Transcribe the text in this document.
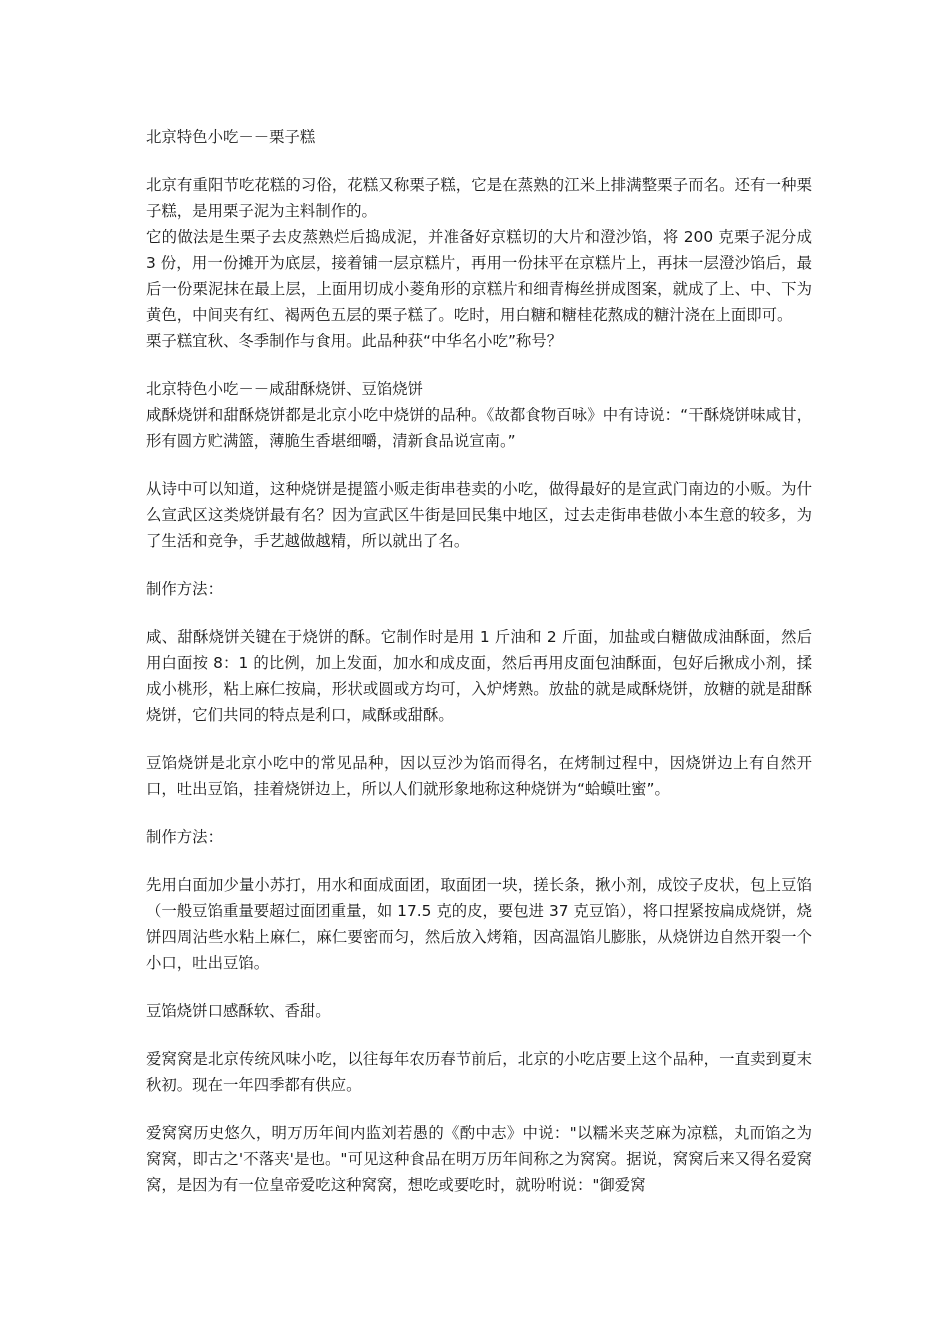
北京特色小吃－－栗子糕

北京有重阳节吃花糕的习俗，花糕又称栗子糕，它是在蒸熟的江米上排满整栗子而名。还有一种栗子糕，是用栗子泥为主料制作的。

它的做法是生栗子去皮蒸熟烂后捣成泥，并准备好京糕切的大片和澄沙馅，将 200 克栗子泥分成 3 份，用一份摊开为底层，接着铺一层京糕片，再用一份抹平在京糕片上，再抹一层澄沙馅后，最后一份栗泥抹在最上层，上面用切成小菱角形的京糕片和细青梅丝拼成图案，就成了上、中、下为黄色，中间夹有红、褐两色五层的栗子糕了。吃时，用白糖和糖桂花熬成的糖汁浇在上面即可。

栗子糕宜秋、冬季制作与食用。此品种获“中华名小吃”称号？

北京特色小吃－－咸甜酥烧饼、豆馅烧饼

咸酥烧饼和甜酥烧饼都是北京小吃中烧饼的品种。《故都食物百咏》中有诗说：“干酥烧饼味咸甘，形有圆方贮满篮，薄脆生香堪细嚼，清新食品说宣南。”

从诗中可以知道，这种烧饼是提篮小贩走街串巷卖的小吃，做得最好的是宣武门南边的小贩。为什么宣武区这类烧饼最有名？因为宣武区牛街是回民集中地区，过去走街串巷做小本生意的较多，为了生活和竞争，手艺越做越精，所以就出了名。

制作方法：

咸、甜酥烧饼关键在于烧饼的酥。它制作时是用 1 斤油和 2 斤面，加盐或白糖做成油酥面，然后用白面按 8：1 的比例，加上发面，加水和成皮面，然后再用皮面包油酥面，包好后揪成小剂，揉成小桃形，粘上麻仁按扁，形状或圆或方均可，入炉烤熟。放盐的就是咸酥烧饼，放糖的就是甜酥烧饼，它们共同的特点是利口，咸酥或甜酥。

豆馅烧饼是北京小吃中的常见品种，因以豆沙为馅而得名，在烤制过程中，因烧饼边上有自然开口，吐出豆馅，挂着烧饼边上，所以人们就形象地称这种烧饼为“蛤蟆吐蜜”。

制作方法：

先用白面加少量小苏打，用水和面成面团，取面团一块，搓长条，揪小剂，成饺子皮状，包上豆馅（一般豆馅重量要超过面团重量，如 17.5 克的皮，要包进 37 克豆馅），将口捏紧按扁成烧饼，烧饼四周沾些水粘上麻仁，麻仁要密而匀，然后放入烤箱，因高温馅儿膨胀，从烧饼边自然开裂一个小口，吐出豆馅。

豆馅烧饼口感酥软、香甜。

爱窝窝是北京传统风味小吃，以往每年农历春节前后，北京的小吃店要上这个品种，一直卖到夏末秋初。现在一年四季都有供应。

爱窝窝历史悠久，明万历年间内监刘若愚的《酌中志》中说："以糯米夹芝麻为凉糕，丸而馅之为窝窝，即古之'不落夹'是也。"可见这种食品在明万历年间称之为窝窝。据说，窝窝后来又得名爱窝窝，是因为有一位皇帝爱吃这种窝窝，想吃或要吃时，就吩咐说："御爱窝
